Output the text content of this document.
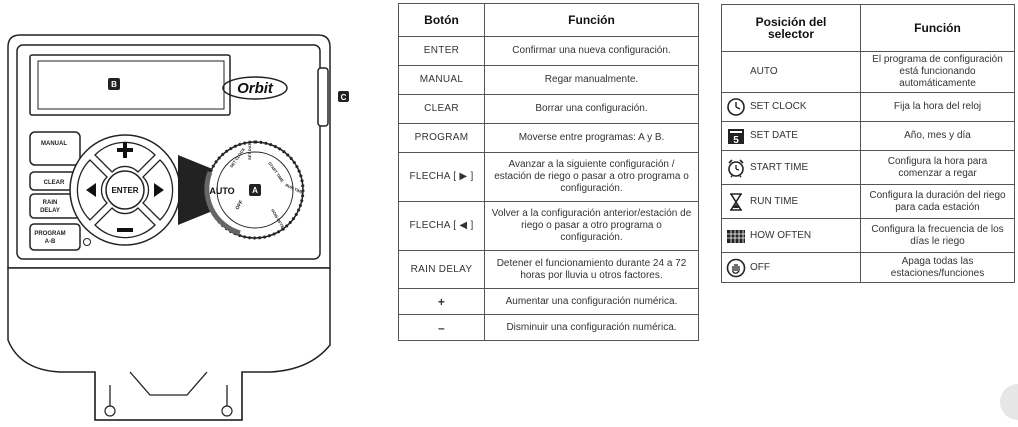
C
B	Orbit
MANUAL
CLEAR
RAIN
DELAY
PROGRAM
A-B
ENTER	AUTO A
SET CLOCK SET DATE
START TIME
RUN TIME
HOW OFTEN
OFF
Botón	Función
ENTER	Confirmar una nueva configuración.
MANUAL	Regar manualmente.
CLEAR	Borrar una configuración.
PROGRAM	Moverse entre programas: A y B.
FLECHA [ ▶ ]	Avanzar a la siguiente configuración / estación de riego o pasar a otro programa o configuración.
FLECHA [ ◀ ]	Volver a la configuración anterior/estación de riego o pasar a otro programa o configuración.
RAIN DELAY	Detener el funcionamiento durante 24 a 72 horas por lluvia u otros factores.
+	Aumentar una configuración numérica.
–	Disminuir una configuración numérica.
Posición del selector	Función
AUTO	El programa de configuración está funcionando automáticamente
SET CLOCK	Fija la hora del reloj

5 SET DATE	Año, mes y día
START TIME	Configura la hora para comenzar a regar
RUN TIME	Configura la duración del riego para cada estación
HOW OFTEN	Configura la frecuencia de los días le riego
OFF	Apaga todas las estaciones/funciones
